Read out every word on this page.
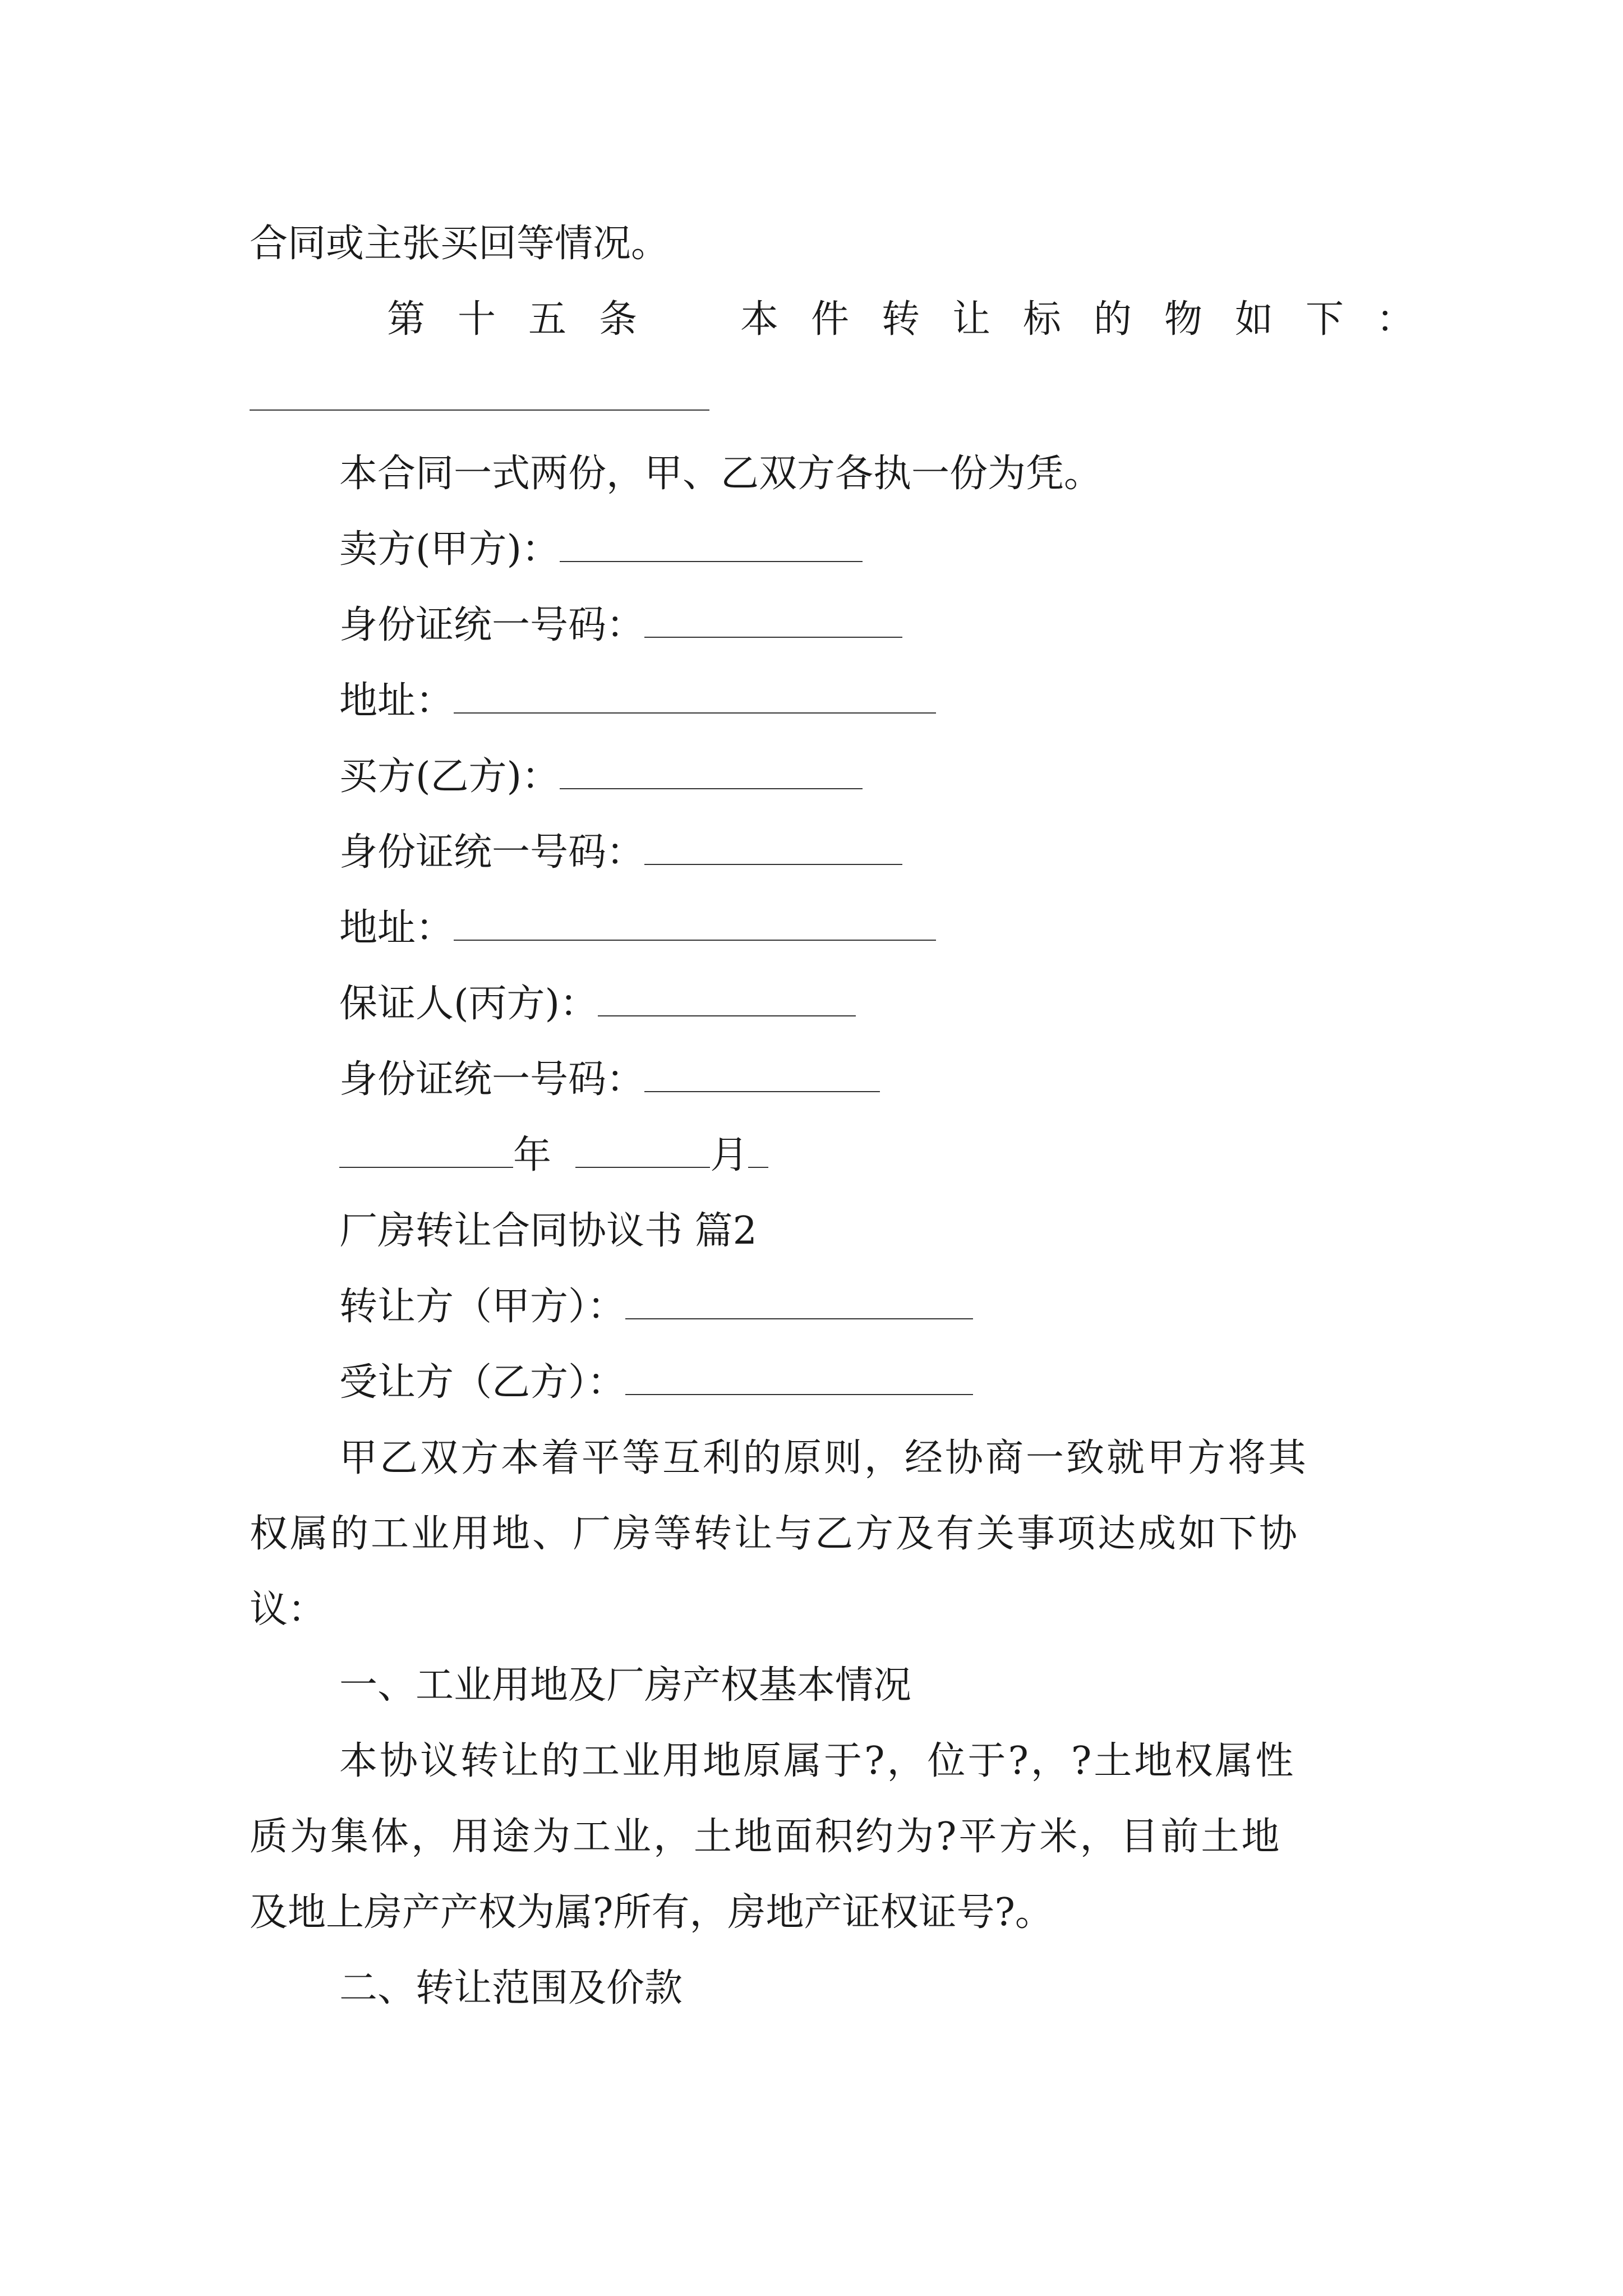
合同或主张买回等情况。
第十五条　本件转让标的物如下：
本合同一式两份，甲、乙双方各执一份为凭。
卖方(甲方)：
身份证统一号码：
地址：
买方(乙方)：
身份证统一号码：
地址：
保证人(丙方)：
身份证统一号码：
年	月
厂房转让合同协议书 篇2
转让方（甲方）：
受让方（乙方）：
甲乙双方本着平等互利的原则，经协商一致就甲方将其
权属的工业用地、厂房等转让与乙方及有关事项达成如下协
议：
一、工业用地及厂房产权基本情况
本协议转让的工业用地原属于?，位于?，?土地权属性
质为集体，用途为工业，土地面积约为?平方米，目前土地
及地上房产产权为属?所有，房地产证权证号?。
二、转让范围及价款
